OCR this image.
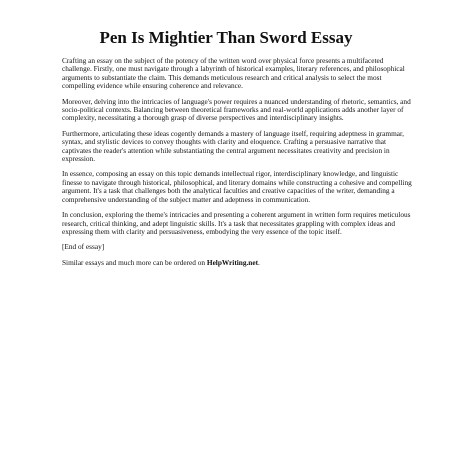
Pen Is Mightier Than Sword Essay

Crafting an essay on the subject of the potency of the written word over physical force presents a multifaceted challenge. Firstly, one must navigate through a labyrinth of historical examples, literary references, and philosophical arguments to substantiate the claim. This demands meticulous research and critical analysis to select the most compelling evidence while ensuring coherence and relevance.

Moreover, delving into the intricacies of language's power requires a nuanced understanding of rhetoric, semantics, and socio-political contexts. Balancing between theoretical frameworks and real-world applications adds another layer of complexity, necessitating a thorough grasp of diverse perspectives and interdisciplinary insights.

Furthermore, articulating these ideas cogently demands a mastery of language itself, requiring adeptness in grammar, syntax, and stylistic devices to convey thoughts with clarity and eloquence. Crafting a persuasive narrative that captivates the reader's attention while substantiating the central argument necessitates creativity and precision in expression.

In essence, composing an essay on this topic demands intellectual rigor, interdisciplinary knowledge, and linguistic finesse to navigate through historical, philosophical, and literary domains while constructing a cohesive and compelling argument. It's a task that challenges both the analytical faculties and creative capacities of the writer, demanding a comprehensive understanding of the subject matter and adeptness in communication.

In conclusion, exploring the theme's intricacies and presenting a coherent argument in written form requires meticulous research, critical thinking, and adept linguistic skills. It's a task that necessitates grappling with complex ideas and expressing them with clarity and persuasiveness, embodying the very essence of the topic itself.

[End of essay]

Similar essays and much more can be ordered on HelpWriting.net.
